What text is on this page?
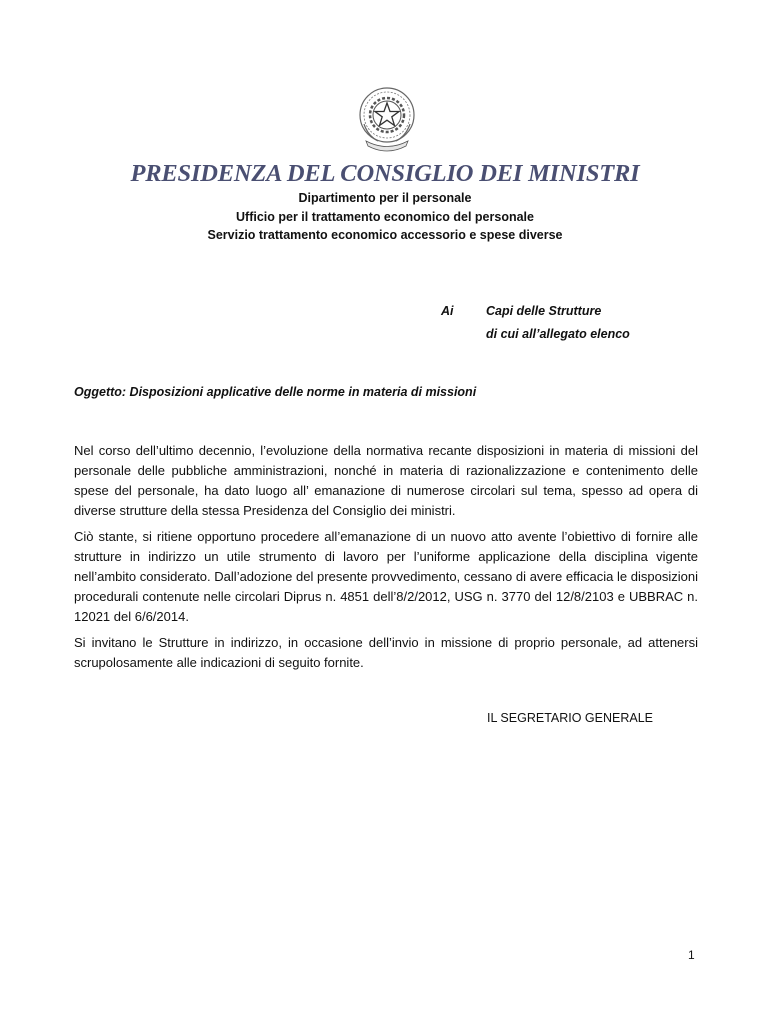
PRESIDENZA DEL CONSIGLIO DEI MINISTRI
Dipartimento per il personale
Ufficio per il trattamento economico del personale
Servizio trattamento economico accessorio e spese diverse
Ai	Capi delle Strutture
di cui all’allegato elenco
Oggetto: Disposizioni applicative delle norme in materia di missioni
Nel corso dell’ultimo decennio, l’evoluzione della normativa recante disposizioni in materia di missioni del personale delle pubbliche amministrazioni, nonché in materia di razionalizzazione e contenimento delle spese del personale, ha dato luogo all’ emanazione di numerose circolari sul tema, spesso ad opera di diverse strutture della stessa Presidenza del Consiglio dei ministri.
Ciò stante, si ritiene opportuno procedere all’emanazione di un nuovo atto avente l’obiettivo di fornire alle strutture in indirizzo un utile strumento di lavoro per l’uniforme applicazione della disciplina vigente nell’ambito considerato. Dall’adozione del presente provvedimento, cessano di avere efficacia le disposizioni procedurali contenute nelle circolari Diprus n. 4851 dell’8/2/2012, USG n. 3770 del 12/8/2103 e UBBRAC n. 12021 del 6/6/2014.
Si invitano le Strutture in indirizzo, in occasione dell’invio in missione di proprio personale, ad attenersi scrupolosamente alle indicazioni di seguito fornite.
IL SEGRETARIO GENERALE
1
